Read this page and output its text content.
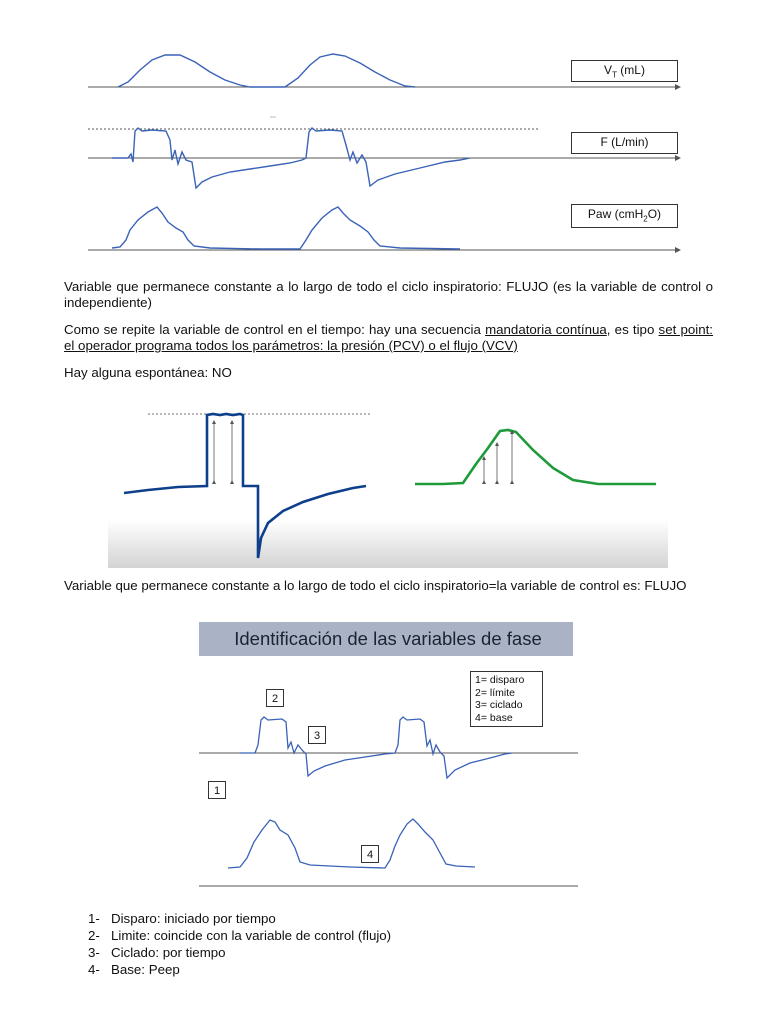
$V_T$ (mL)
F (L/min)
Paw (cmH$_2$O)
Variable que permanece constante a lo largo de todo el ciclo inspiratorio: FLUJO (es la variable de control o independiente)
Como se repite la variable de control en el tiempo: hay una secuencia mandatoria contínua, es tipo set point: el operador programa todos los parámetros: la presión (PCV) o el flujo (VCV)
Hay alguna espontánea: NO
Variable que permanece constante a lo largo de todo el ciclo inspiratorio=la variable de control es: FLUJO
Identificación de las variables de fase
1= disparo
2= límite
3= ciclado
4= base
1
2
3
4
1- Disparo: iniciado por tiempo
2- Limite: coincide con la variable de control (flujo)
3- Ciclado: por tiempo
4- Base: Peep
